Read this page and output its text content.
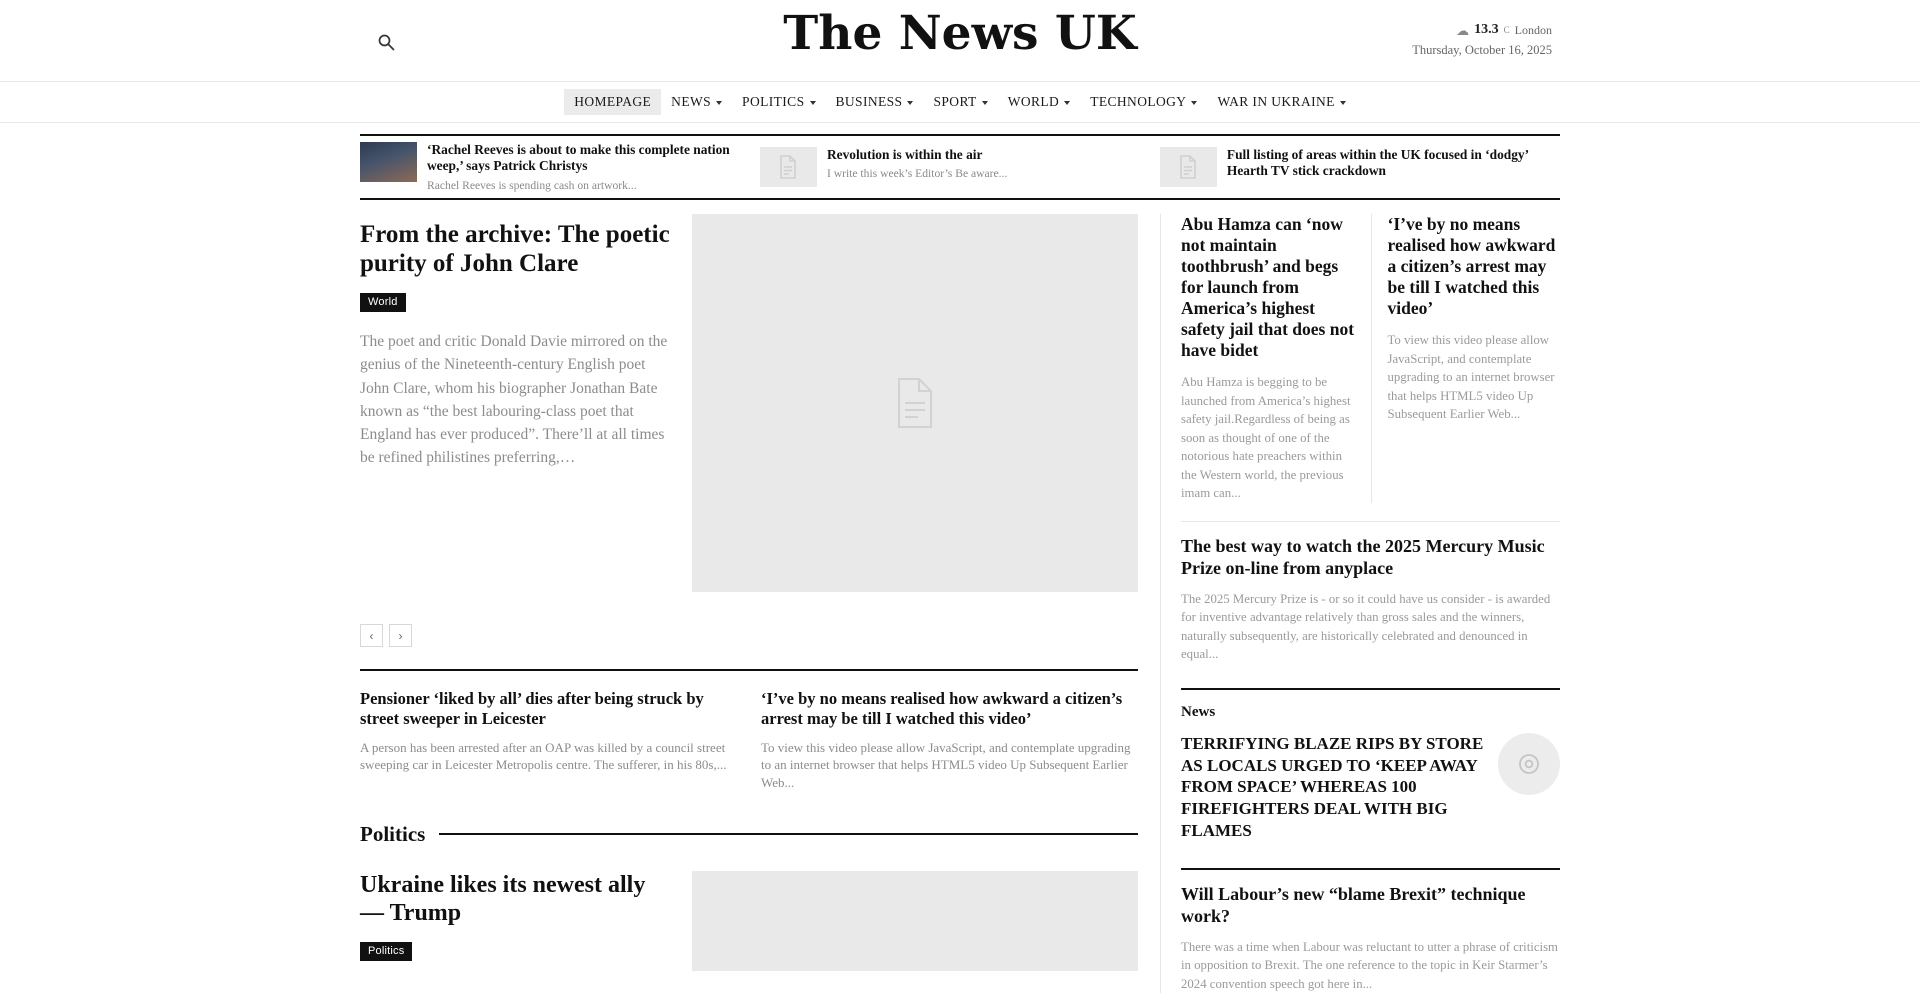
The News UK	☁ 13.3 C London
Thursday, October 16, 2025
HOMEPAGE NEWS POLITICS BUSINESS SPORT WORLD TECHNOLOGY WAR IN UKRAINE

‘Rachel Reeves is about to make this complete nation weep,’ says Patrick Christys

Rachel Reeves is spending cash on artwork...

Revolution is within the air

I write this week’s Editor’s Be aware...

Full listing of areas within the UK focused in ‘dodgy’ Hearth TV stick crackdown

From the archive: The poetic purity of John Clare
World

The poet and critic Donald Davie mirrored on the genius of the Nineteenth-century English poet John Clare, whom his biographer Jonathan Bate known as “the best labouring-class poet that England has ever produced”. There’ll at all times be refined philistines preferring,…

‹	›
Pensioner ‘liked by all’ dies after being struck by street sweeper in Leicester

A person has been arrested after an OAP was killed by a council street sweeping car in Leicester Metropolis centre. The sufferer, in his 80s,...

‘I’ve by no means realised how awkward a citizen’s arrest may be till I watched this video’

To view this video please allow JavaScript, and contemplate upgrading to an internet browser that helps HTML5 video Up Subsequent Earlier Web...

Politics
Ukraine likes its newest ally — Trump
Politics
Abu Hamza can ‘now not maintain toothbrush’ and begs for launch from America’s highest safety jail that does not have bidet

Abu Hamza is begging to be launched from America’s highest safety jail.Regardless of being as soon as thought of one of the notorious hate preachers within the Western world, the previous imam can...

‘I’ve by no means realised how awkward a citizen’s arrest may be till I watched this video’

To view this video please allow JavaScript, and contemplate upgrading to an internet browser that helps HTML5 video Up Subsequent Earlier Web...

The best way to watch the 2025 Mercury Music Prize on-line from anyplace

The 2025 Mercury Prize is - or so it could have us consider - is awarded for inventive advantage relatively than gross sales and the winners, naturally subsequently, are historically celebrated and denounced in equal...

News
TERRIFYING BLAZE RIPS BY STORE AS LOCALS URGED TO ‘KEEP AWAY FROM SPACE’ WHEREAS 100 FIREFIGHTERS DEAL WITH BIG FLAMES
Will Labour’s new “blame Brexit” technique work?

There was a time when Labour was reluctant to utter a phrase of criticism in opposition to Brexit. The one reference to the topic in Keir Starmer’s 2024 convention speech got here in...
